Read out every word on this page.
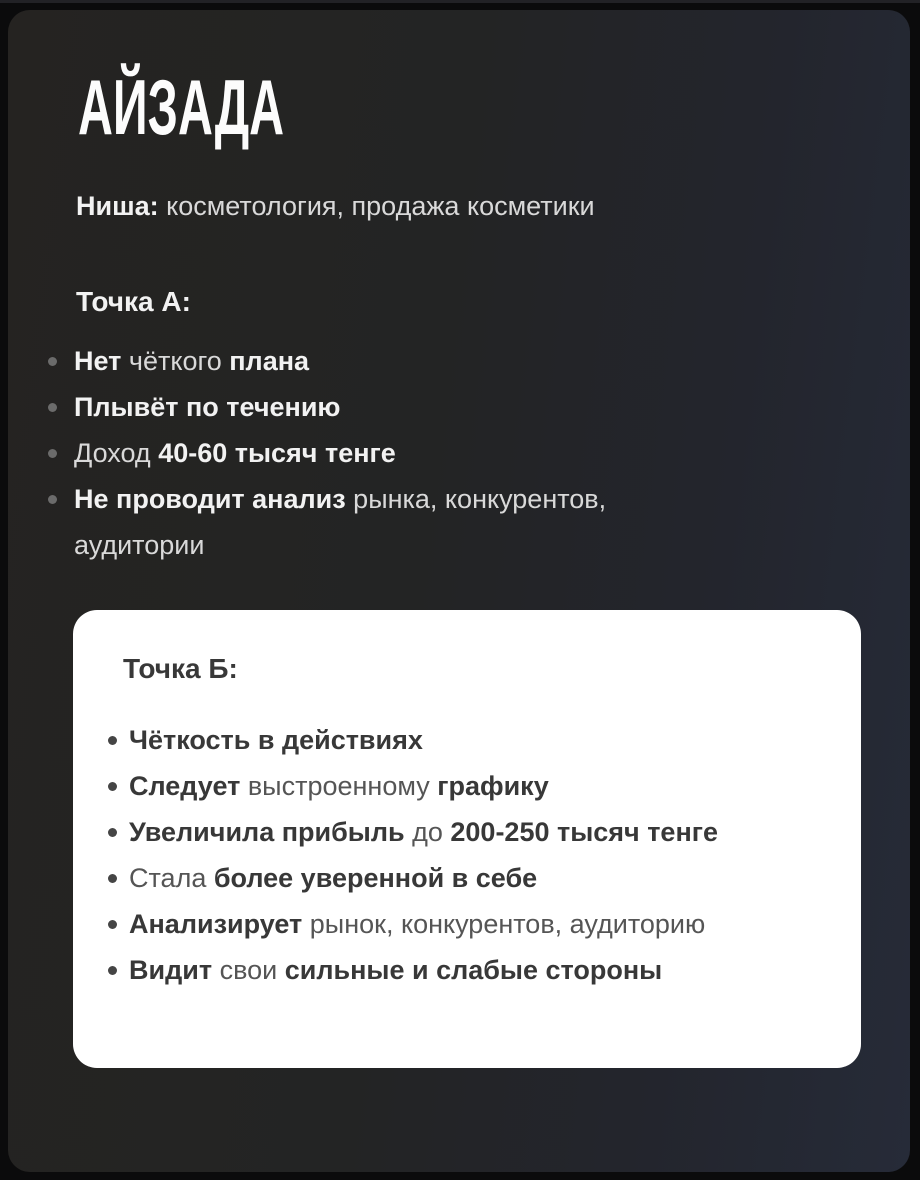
АЙЗАДА

Ниша: косметология, продажа косметики

Точка А:
Нет чёткого плана
Плывёт по течению
Доход 40-60 тысяч тенге
Не проводит анализ рынка, конкурентов,
аудитории
Точка Б:
Чёткость в действиях
Следует выстроенному графику
Увеличила прибыль до 200-250 тысяч тенге
Стала более уверенной в себе
Анализирует рынок, конкурентов, аудиторию
Видит свои сильные и слабые стороны
